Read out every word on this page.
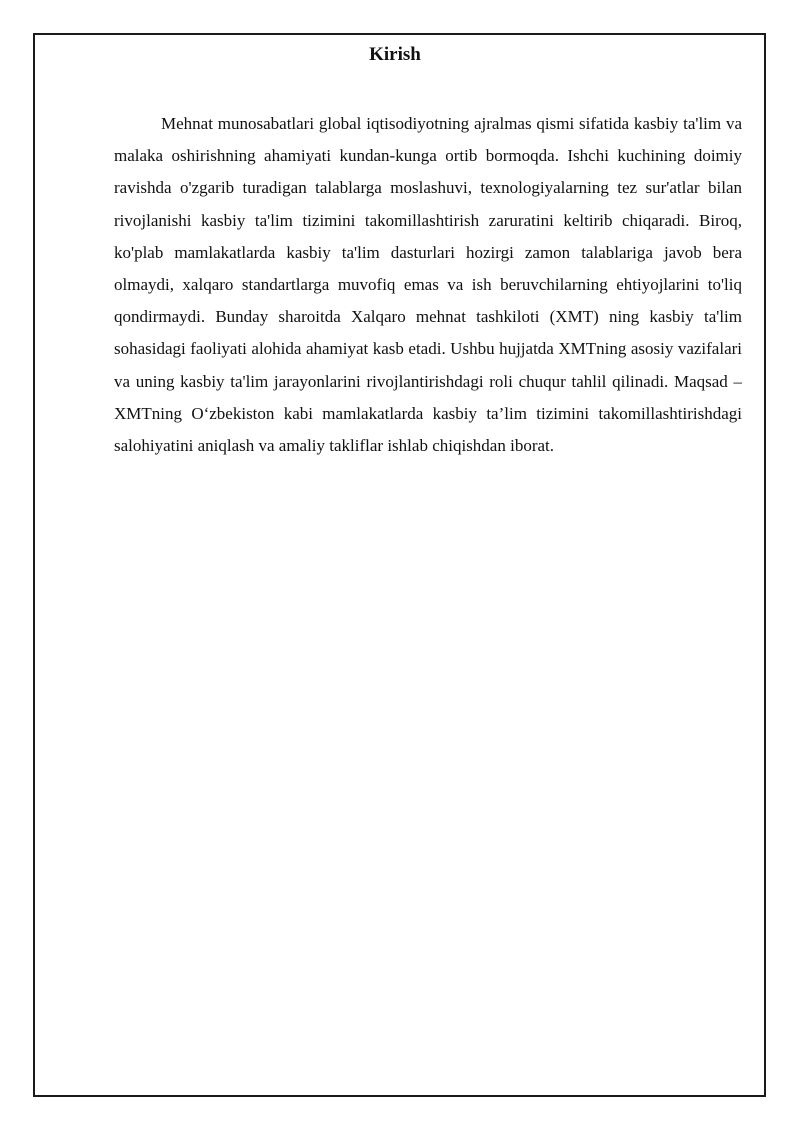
Kirish

Mehnat munosabatlari global iqtisodiyotning ajralmas qismi sifatida kasbiy ta'lim va malaka oshirishning ahamiyati kundan-kunga ortib bormoqda. Ishchi kuchining doimiy ravishda o'zgarib turadigan talablarga moslashuvi, texnologiyalarning tez sur'atlar bilan rivojlanishi kasbiy ta'lim tizimini takomillashtirish zaruratini keltirib chiqaradi. Biroq, ko'plab mamlakatlarda kasbiy ta'lim dasturlari hozirgi zamon talablariga javob bera olmaydi, xalqaro standartlarga muvofiq emas va ish beruvchilarning ehtiyojlarini to'liq qondirmaydi. Bunday sharoitda Xalqaro mehnat tashkiloti (XMT) ning kasbiy ta'lim sohasidagi faoliyati alohida ahamiyat kasb etadi. Ushbu hujjatda XMTning asosiy vazifalari va uning kasbiy ta'lim jarayonlarini rivojlantirishdagi roli chuqur tahlil qilinadi. Maqsad – XMTning O‘zbekiston kabi mamlakatlarda kasbiy ta’lim tizimini takomillashtirishdagi salohiyatini aniqlash va amaliy takliflar ishlab chiqishdan iborat.
